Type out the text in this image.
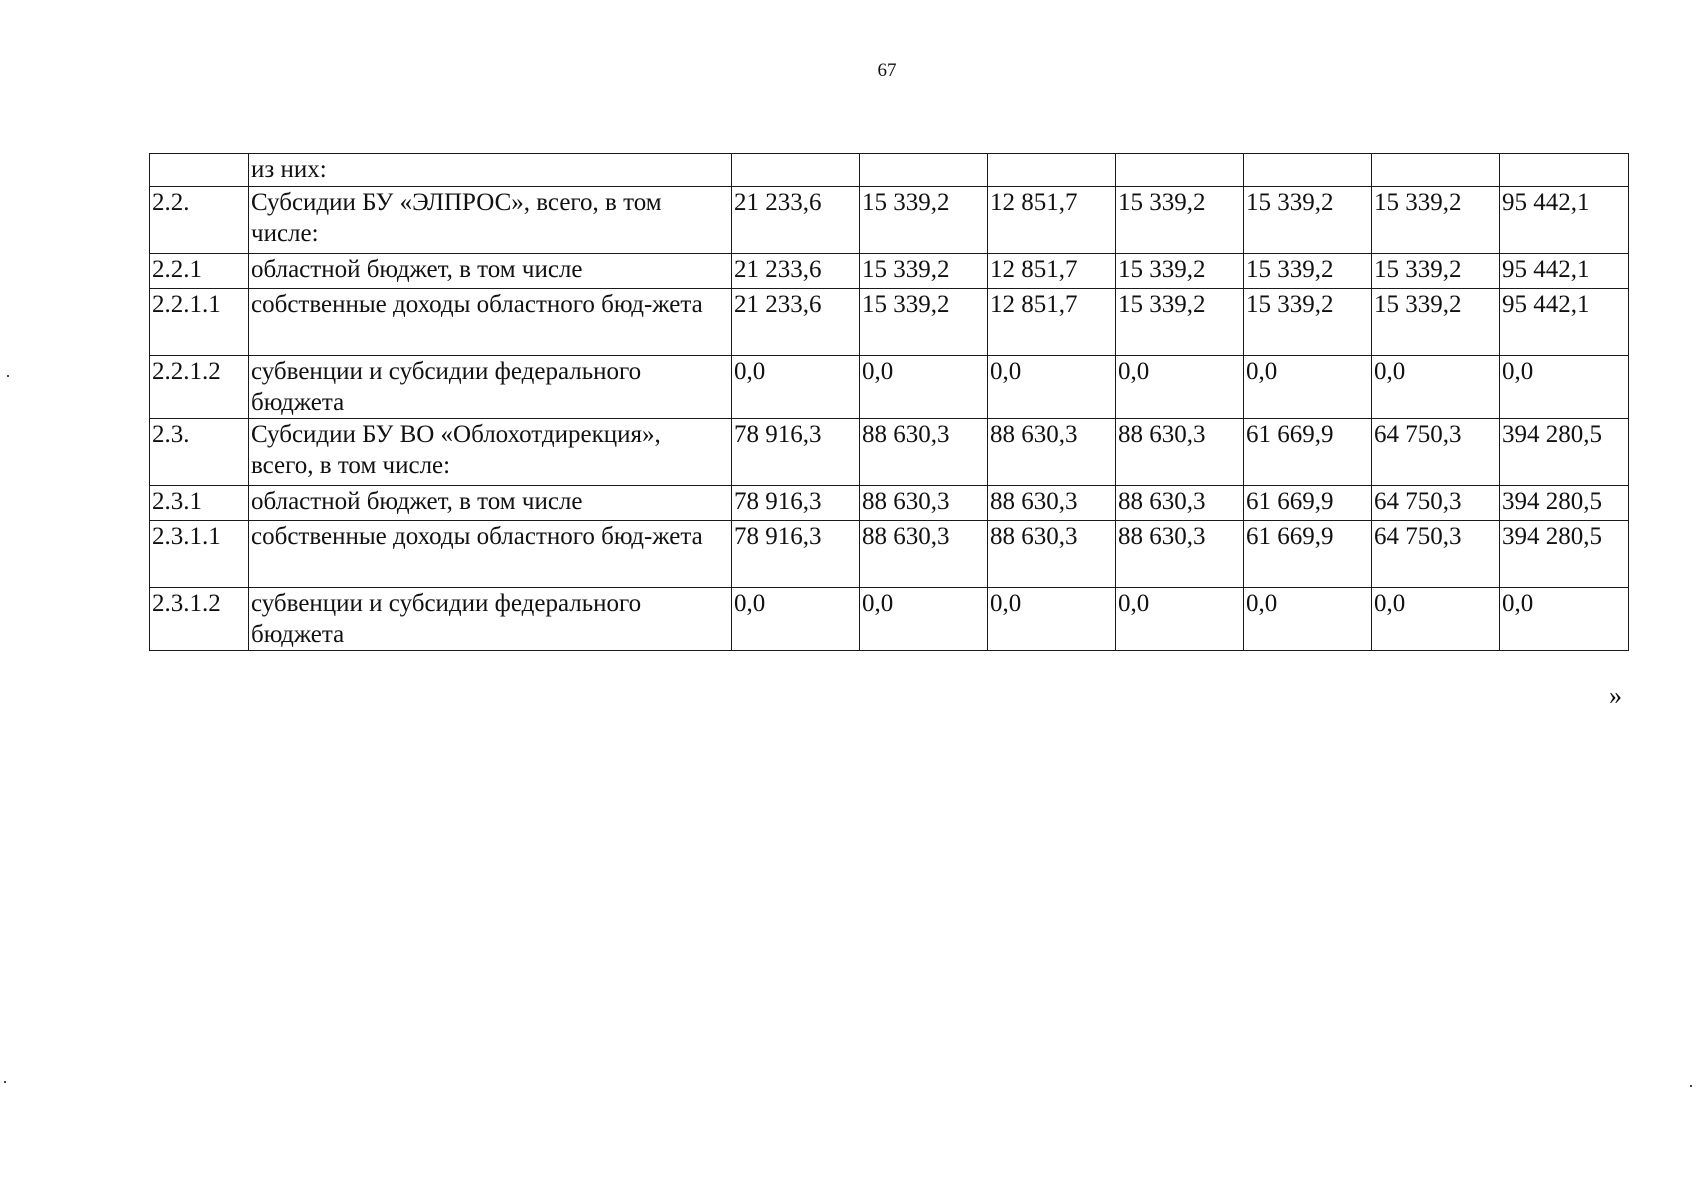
67
	из них:							
2.2.	Субсидии БУ «ЭЛПРОС», всего, в том числе:	21 233,6	15 339,2	12 851,7	15 339,2	15 339,2	15 339,2	95 442,1
2.2.1	областной бюджет, в том числе	21 233,6	15 339,2	12 851,7	15 339,2	15 339,2	15 339,2	95 442,1
2.2.1.1	собственные доходы областного бюд-жета	21 233,6	15 339,2	12 851,7	15 339,2	15 339,2	15 339,2	95 442,1
2.2.1.2	субвенции и субсидии федерального бюджета	0,0	0,0	0,0	0,0	0,0	0,0	0,0
2.3.	Субсидии БУ ВО «Облохотдирекция», всего, в том числе:	78 916,3	88 630,3	88 630,3	88 630,3	61 669,9	64 750,3	394 280,5
2.3.1	областной бюджет, в том числе	78 916,3	88 630,3	88 630,3	88 630,3	61 669,9	64 750,3	394 280,5
2.3.1.1	собственные доходы областного бюд-жета	78 916,3	88 630,3	88 630,3	88 630,3	61 669,9	64 750,3	394 280,5
2.3.1.2	субвенции и субсидии федерального бюджета	0,0	0,0	0,0	0,0	0,0	0,0	0,0
»
